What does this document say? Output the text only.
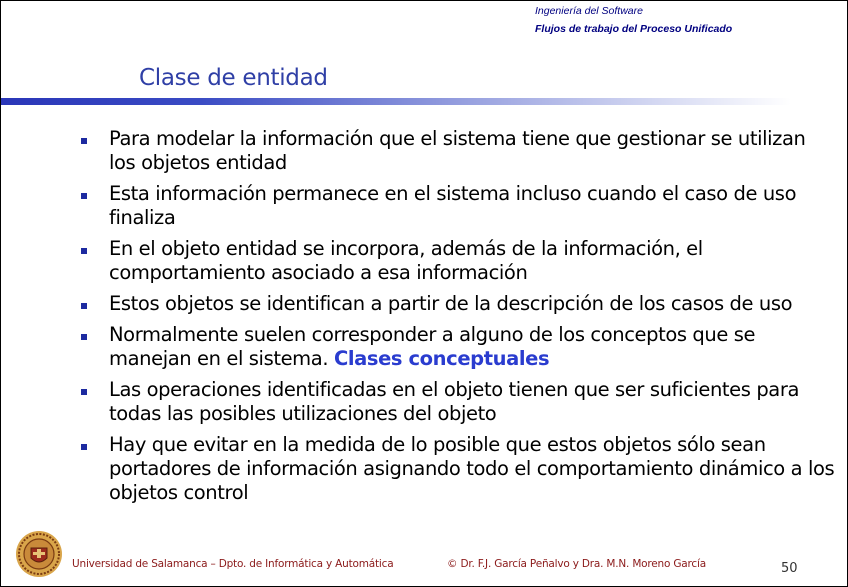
Ingeniería del Software
Flujos de trabajo del Proceso Unificado
Clase de entidad
Para modelar la información que el sistema tiene que gestionar se utilizan los objetos entidad
Esta información permanece en el sistema incluso cuando el caso de uso finaliza
En el objeto entidad se incorpora, además de la información, el comportamiento asociado a esa información
Estos objetos se identifican a partir de la descripción de los casos de uso
Normalmente suelen corresponder a alguno de los conceptos que se manejan en el sistema. Clases conceptuales
Las operaciones identificadas en el objeto tienen que ser suficientes para todas las posibles utilizaciones del objeto
Hay que evitar en la medida de lo posible que estos objetos sólo sean portadores de información asignando todo el comportamiento dinámico a los objetos control
Universidad de Salamanca – Dpto. de Informática y Automática	© Dr. F.J. García Peñalvo y Dra. M.N. Moreno García	50
